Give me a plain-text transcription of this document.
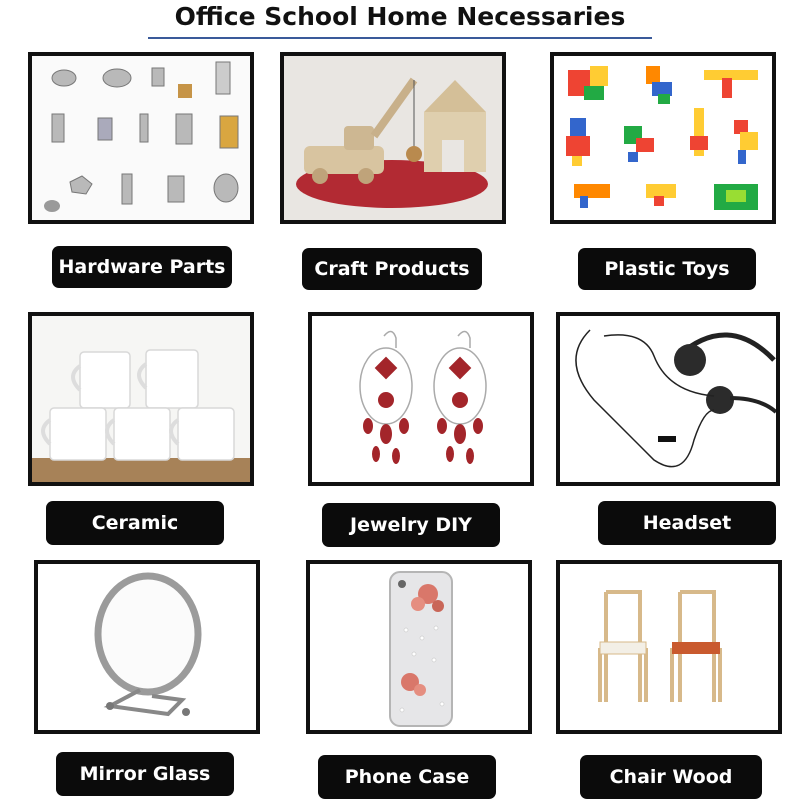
Office School Home Necessaries
Hardware Parts	Craft Products	Plastic Toys
Ceramic	Jewelry DIY	Headset
Mirror Glass	Phone Case	Chair Wood
